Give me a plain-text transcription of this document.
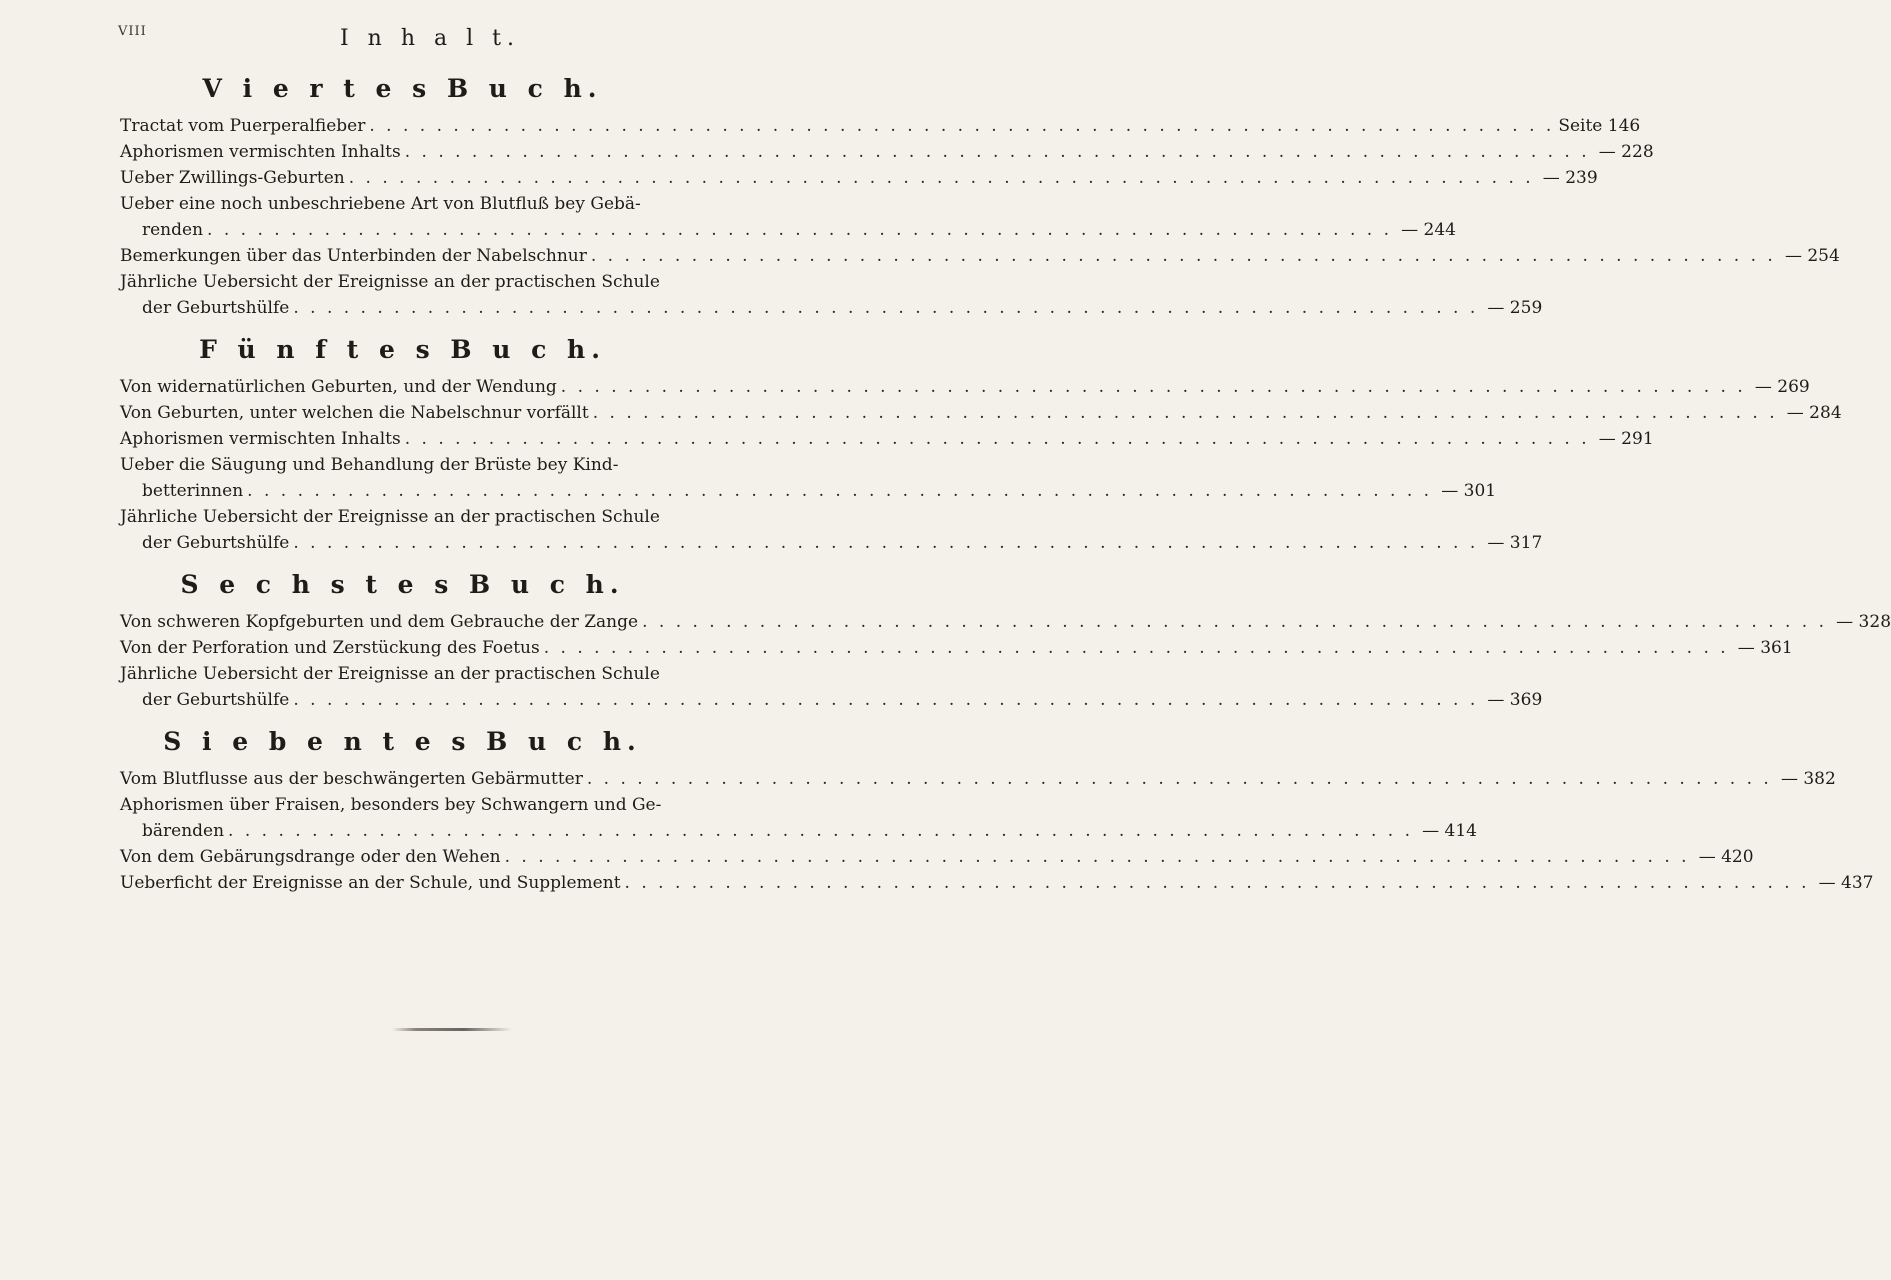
VIII	I n h a l t.
V i e r t e s B u c h.
Tractat vom Puerperalfieber . . .	Seite 146
Aphorismen vermischten Inhalts . . .	— 228
Ueber Zwillings-Geburten . . .	— 239
Ueber eine noch unbeschriebene Art von Blutfluß bey Gebä-
renden . . .	— 244
Bemerkungen über das Unterbinden der Nabelschnur . . .	— 254
Jährliche Uebersicht der Ereignisse an der practischen Schule
der Geburtshülfe . . .	— 259
F ü n f t e s B u c h.
Von widernatürlichen Geburten, und der Wendung . . .	— 269
Von Geburten, unter welchen die Nabelschnur vorfällt . . .	— 284
Aphorismen vermischten Inhalts . . .	— 291
Ueber die Säugung und Behandlung der Brüste bey Kind-
betterinnen . . .	— 301
Jährliche Uebersicht der Ereignisse an der practischen Schule
der Geburtshülfe . . .	— 317
S e c h s t e s B u c h.
Von schweren Kopfgeburten und dem Gebrauche der Zange . . .	— 328
Von der Perforation und Zerstückung des Foetus . . .	— 361
Jährliche Uebersicht der Ereignisse an der practischen Schule
der Geburtshülfe . . .	— 369
S i e b e n t e s B u c h.
Vom Blutflusse aus der beschwängerten Gebärmutter . . .	— 382
Aphorismen über Fraisen, besonders bey Schwangern und Ge-
bärenden . . .	— 414
Von dem Gebärungsdrange oder den Wehen . . .	— 420
Ueberficht der Ereignisse an der Schule, und Supplement . . .	— 437
